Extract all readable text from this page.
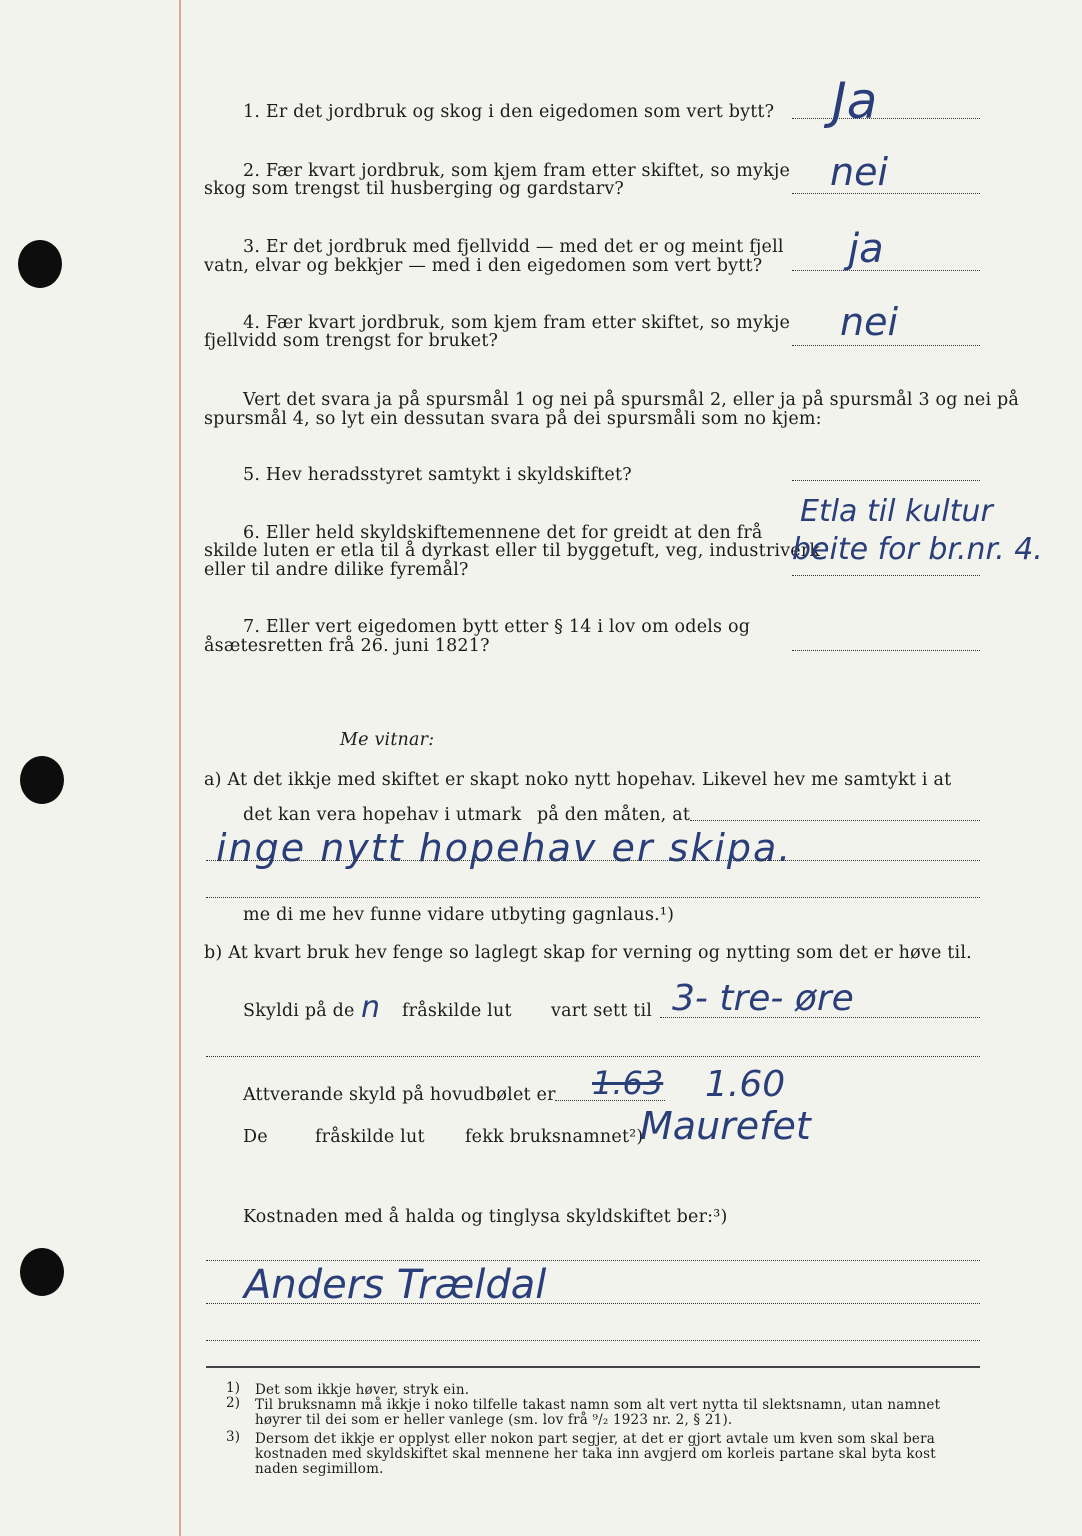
1. Er det jordbruk og skog i den eigedomen som vert bytt? Ja
2. Fær kvart jordbruk, som kjem fram etter skiftet, so mykje
skog som trengst til husberging og gardstarv?	nei
3. Er det jordbruk med fjellvidd — med det er og meint fjell
vatn, elvar og bekkjer — med i den eigedomen som vert bytt? ja
4. Fær kvart jordbruk, som kjem fram etter skiftet, so mykje
fjellvidd som trengst for bruket?	nei
Vert det svara ja på spursmål 1 og nei på spursmål 2, eller ja på spursmål 3 og nei på
spursmål 4, so lyt ein dessutan svara på dei spursmåli som no kjem:
5. Hev heradsstyret samtykt i skyldskiftet?
6. Eller held skyldskiftemennene det for greidt at den frå
skilde luten er etla til å dyrkast eller til byggetuft, veg, industriverk
eller til andre dilike fyremål?
Etla til kultur
beite for br.nr. 4.
7. Eller vert eigedomen bytt etter § 14 i lov om odels og
åsætesretten frå 26. juni 1821?
Me vitnar:
a) At det ikkje med skiftet er skapt noko nytt hopehav. Likevel hev me samtykt i at
det kan vera hopehav i utmark på den måten, at
inge nytt hopehav er skipa.
me di me hev funne vidare utbyting gagnlaus.¹)
b) At kvart bruk hev fenge so laglegt skap for verning og nytting som det er høve til.
Skyldi på de n fråskilde lut vart sett til 3- tre- øre
Attverande skyld på hovudbølet er 1.63 1.60
De	fråskilde lut fekk bruksnamnet²)
Maurefet
Kostnaden med å halda og tinglysa skyldskiftet ber:³)
Anders Trældal
1) Det som ikkje høver, stryk ein.
2) Til bruksnamn må ikkje i noko tilfelle takast namn som alt vert nytta til slektsnamn, utan namnet
høyrer til dei som er heller vanlege (sm. lov frå ⁹/₂ 1923 nr. 2, § 21).
3) Dersom det ikkje er opplyst eller nokon part segjer, at det er gjort avtale um kven som skal bera
kostnaden med skyldskiftet skal mennene her taka inn avgjerd om korleis partane skal byta kost
naden segimillom.
